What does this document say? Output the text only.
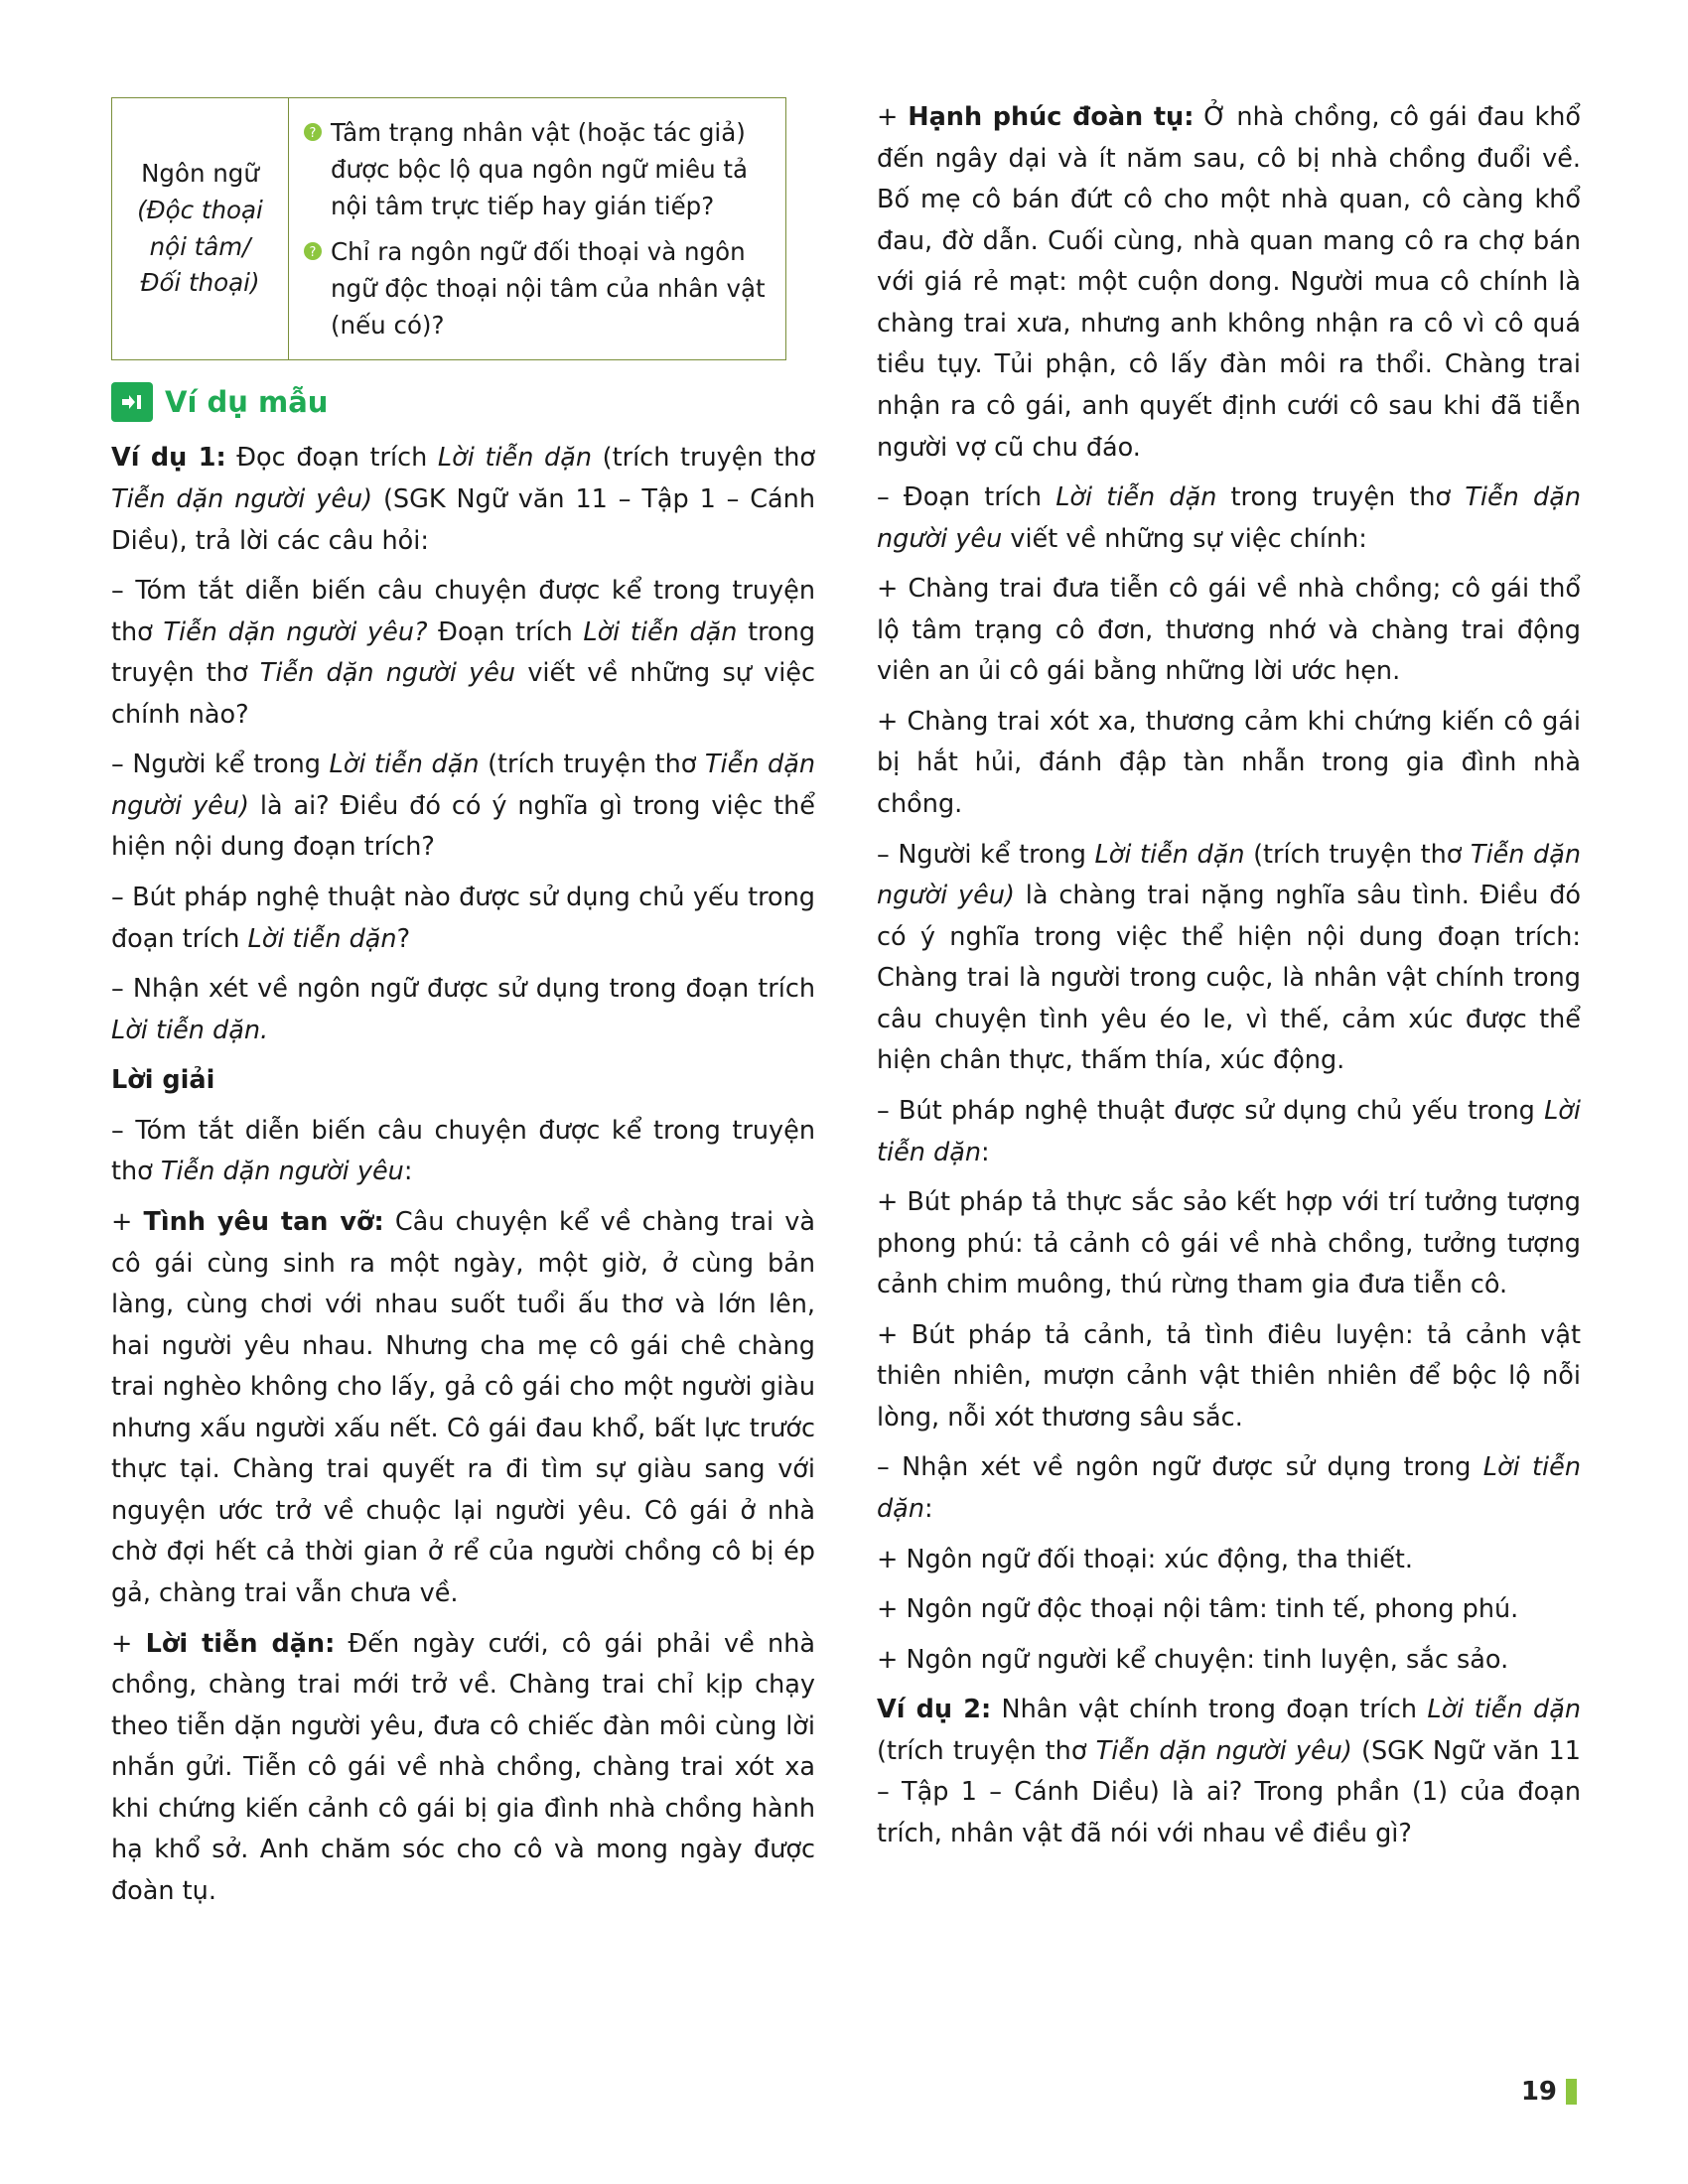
Ngôn ngữ
(Độc thoại
nội tâm/
Đối thoại)
? Tâm trạng nhân vật (hoặc tác giả) được bộc lộ qua ngôn ngữ miêu tả nội tâm trực tiếp hay gián tiếp?
? Chỉ ra ngôn ngữ đối thoại và ngôn ngữ độc thoại nội tâm của nhân vật (nếu có)?
Ví dụ mẫu

Ví dụ 1: Đọc đoạn trích Lời tiễn dặn (trích truyện thơ Tiễn dặn người yêu) (SGK Ngữ văn 11 – Tập 1 – Cánh Diều), trả lời các câu hỏi:

– Tóm tắt diễn biến câu chuyện được kể trong truyện thơ Tiễn dặn người yêu? Đoạn trích Lời tiễn dặn trong truyện thơ Tiễn dặn người yêu viết về những sự việc chính nào?

– Người kể trong Lời tiễn dặn (trích truyện thơ Tiễn dặn người yêu) là ai? Điều đó có ý nghĩa gì trong việc thể hiện nội dung đoạn trích?

– Bút pháp nghệ thuật nào được sử dụng chủ yếu trong đoạn trích Lời tiễn dặn?

– Nhận xét về ngôn ngữ được sử dụng trong đoạn trích Lời tiễn dặn.

Lời giải

– Tóm tắt diễn biến câu chuyện được kể trong truyện thơ Tiễn dặn người yêu:

+ Tình yêu tan vỡ: Câu chuyện kể về chàng trai và cô gái cùng sinh ra một ngày, một giờ, ở cùng bản làng, cùng chơi với nhau suốt tuổi ấu thơ và lớn lên, hai người yêu nhau. Nhưng cha mẹ cô gái chê chàng trai nghèo không cho lấy, gả cô gái cho một người giàu nhưng xấu người xấu nết. Cô gái đau khổ, bất lực trước thực tại. Chàng trai quyết ra đi tìm sự giàu sang với nguyện ước trở về chuộc lại người yêu. Cô gái ở nhà chờ đợi hết cả thời gian ở rể của người chồng cô bị ép gả, chàng trai vẫn chưa về.

+ Lời tiễn dặn: Đến ngày cưới, cô gái phải về nhà chồng, chàng trai mới trở về. Chàng trai chỉ kịp chạy theo tiễn dặn người yêu, đưa cô chiếc đàn môi cùng lời nhắn gửi. Tiễn cô gái về nhà chồng, chàng trai xót xa khi chứng kiến cảnh cô gái bị gia đình nhà chồng hành hạ khổ sở. Anh chăm sóc cho cô và mong ngày được đoàn tụ.

+ Hạnh phúc đoàn tụ: Ở nhà chồng, cô gái đau khổ đến ngây dại và ít năm sau, cô bị nhà chồng đuổi về. Bố mẹ cô bán đứt cô cho một nhà quan, cô càng khổ đau, đờ dẫn. Cuối cùng, nhà quan mang cô ra chợ bán với giá rẻ mạt: một cuộn dong. Người mua cô chính là chàng trai xưa, nhưng anh không nhận ra cô vì cô quá tiều tụy. Tủi phận, cô lấy đàn môi ra thổi. Chàng trai nhận ra cô gái, anh quyết định cưới cô sau khi đã tiễn người vợ cũ chu đáo.

– Đoạn trích Lời tiễn dặn trong truyện thơ Tiễn dặn người yêu viết về những sự việc chính:

+ Chàng trai đưa tiễn cô gái về nhà chồng; cô gái thổ lộ tâm trạng cô đơn, thương nhớ và chàng trai động viên an ủi cô gái bằng những lời ước hẹn.

+ Chàng trai xót xa, thương cảm khi chứng kiến cô gái bị hắt hủi, đánh đập tàn nhẫn trong gia đình nhà chồng.

– Người kể trong Lời tiễn dặn (trích truyện thơ Tiễn dặn người yêu) là chàng trai nặng nghĩa sâu tình. Điều đó có ý nghĩa trong việc thể hiện nội dung đoạn trích: Chàng trai là người trong cuộc, là nhân vật chính trong câu chuyện tình yêu éo le, vì thế, cảm xúc được thể hiện chân thực, thấm thía, xúc động.

– Bút pháp nghệ thuật được sử dụng chủ yếu trong Lời tiễn dặn:

+ Bút pháp tả thực sắc sảo kết hợp với trí tưởng tượng phong phú: tả cảnh cô gái về nhà chồng, tưởng tượng cảnh chim muông, thú rừng tham gia đưa tiễn cô.

+ Bút pháp tả cảnh, tả tình điêu luyện: tả cảnh vật thiên nhiên, mượn cảnh vật thiên nhiên để bộc lộ nỗi lòng, nỗi xót thương sâu sắc.

– Nhận xét về ngôn ngữ được sử dụng trong Lời tiễn dặn:

+ Ngôn ngữ đối thoại: xúc động, tha thiết.

+ Ngôn ngữ độc thoại nội tâm: tinh tế, phong phú.

+ Ngôn ngữ người kể chuyện: tinh luyện, sắc sảo.

Ví dụ 2: Nhân vật chính trong đoạn trích Lời tiễn dặn (trích truyện thơ Tiễn dặn người yêu) (SGK Ngữ văn 11 – Tập 1 – Cánh Diều) là ai? Trong phần (1) của đoạn trích, nhân vật đã nói với nhau về điều gì?

19
